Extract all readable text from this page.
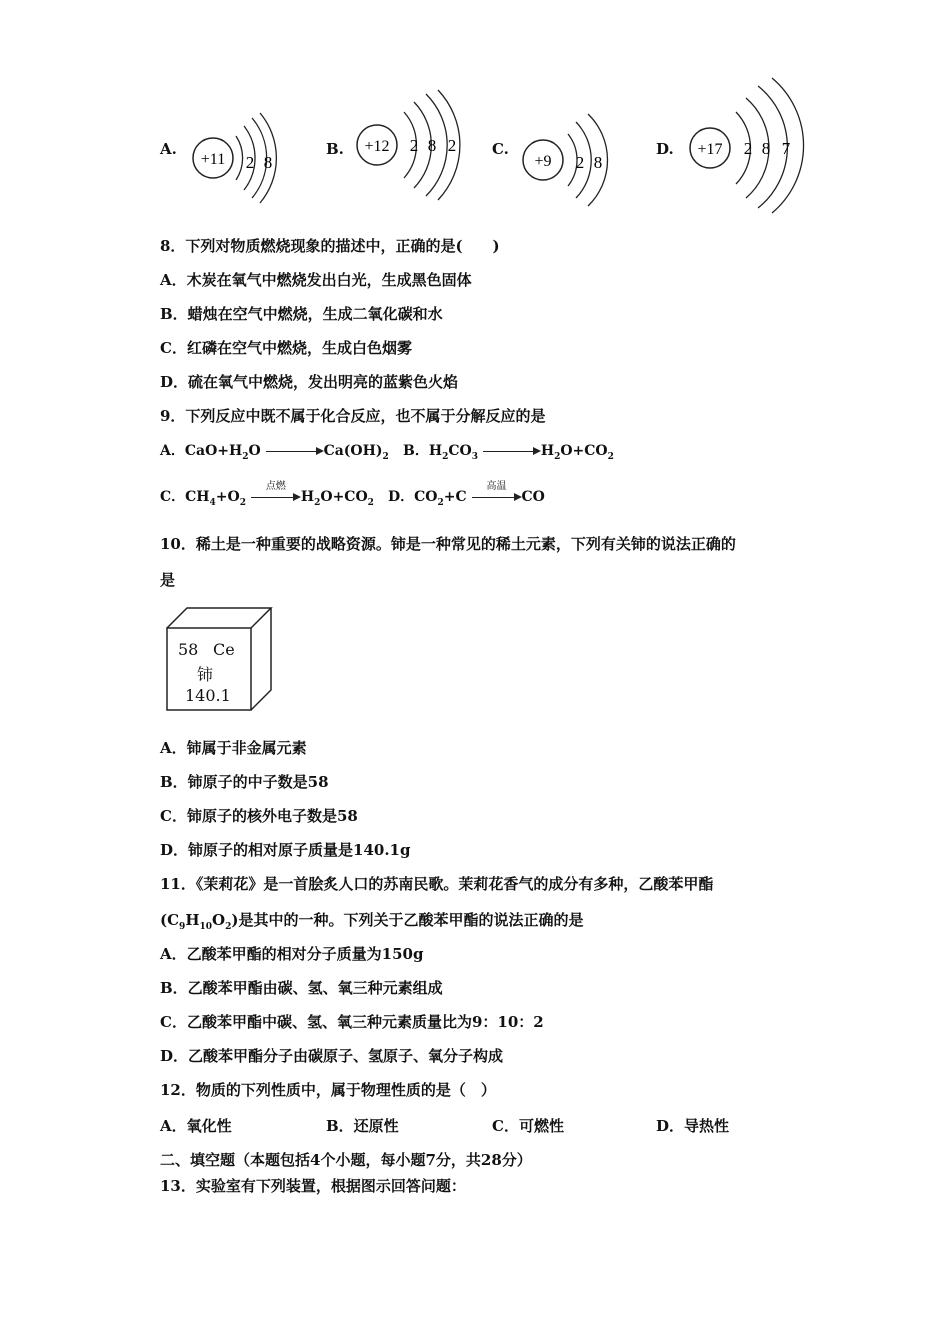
A.
+11 2 8
B. +12 2 8 2 C.
+9 2 8
D. +17 2 8 7
8．下列对物质燃烧现象的描述中，正确的是(　　)
A．木炭在氧气中燃烧发出白光，生成黑色固体
B．蜡烛在空气中燃烧，生成二氧化碳和水
C．红磷在空气中燃烧，生成白色烟雾
D．硫在氧气中燃烧，发出明亮的蓝紫色火焰
9．下列反应中既不属于化合反应，也不属于分解反应的是
A．$CaO+H_2O$	$Ca(OH)_2$ B．$H_2CO_3$	$H_2O+CO_2$
C．$CH_4+O_2$
点燃
$H_2O+CO_2$ D．$CO_2+C$
高温
CO
10．稀土是一种重要的战略资源。铈是一种常见的稀土元素，下列有关铈的说法正确的
是
58 Ce
铈
140.1
A．铈属于非金属元素
B．铈原子的中子数是58
C．铈原子的核外电子数是58
D．铈原子的相对原子质量是140.1g
11．《茉莉花》是一首脍炙人口的苏南民歌。茉莉花香气的成分有多种，乙酸苯甲酯
$(C_9H_{10}O_2)$是其中的一种。下列关于乙酸苯甲酯的说法正确的是
A．乙酸苯甲酯的相对分子质量为150g
B．乙酸苯甲酯由碳、氢、氧三种元素组成
C．乙酸苯甲酯中碳、氢、氧三种元素质量比为9：10：2
D．乙酸苯甲酯分子由碳原子、氢原子、氧分子构成
12．物质的下列性质中，属于物理性质的是（　）
A．氧化性	B．还原性	C．可燃性	D．导热性
二、填空题（本题包括4个小题，每小题7分，共28分）
13．实验室有下列装置，根据图示回答问题：
